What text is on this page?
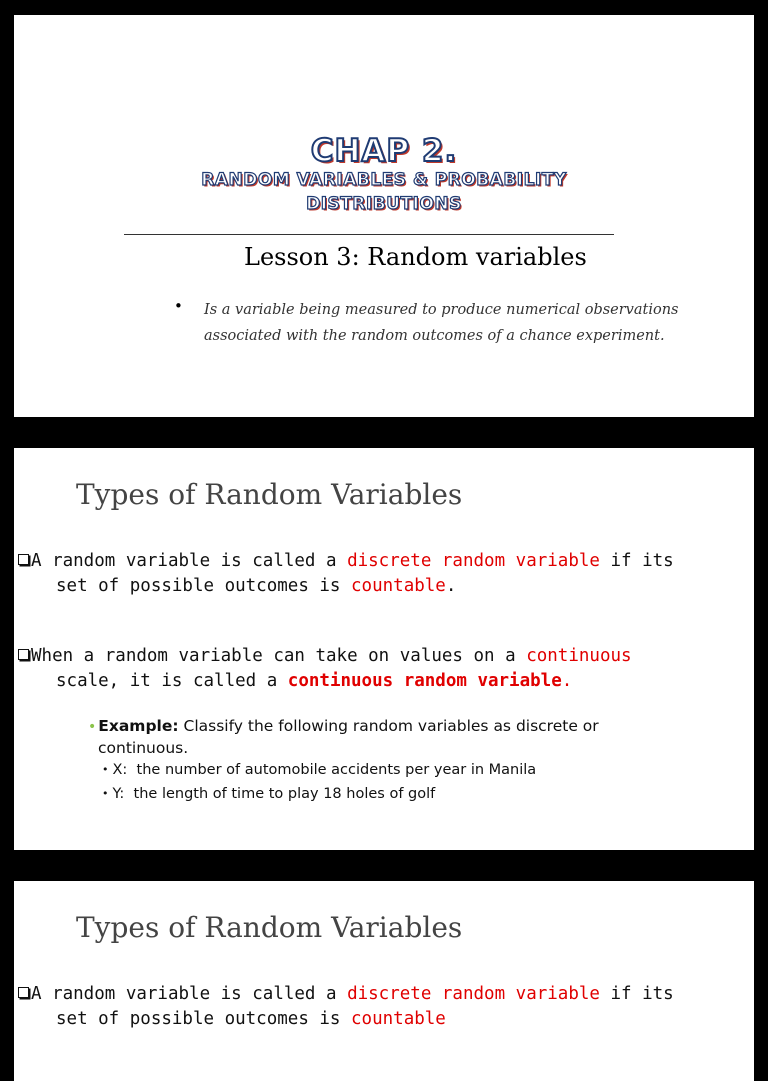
CHAP 2.
RANDOM VARIABLES & PROBABILITY
DISTRIBUTIONS
Lesson 3: Random variables
• Is a variable being measured to produce numerical observations associated with the random outcomes of a chance experiment.
Types of Random Variables
A random variable is called a discrete random variable if its
set of possible outcomes is countable.
When a random variable can take on values on a continuous
scale, it is called a continuous random variable.
• Example: Classify the following random variables as discrete or
continuous.
• X: the number of automobile accidents per year in Manila
• Y: the length of time to play 18 holes of golf
Types of Random Variables
A random variable is called a discrete random variable if its
set of possible outcomes is countable
